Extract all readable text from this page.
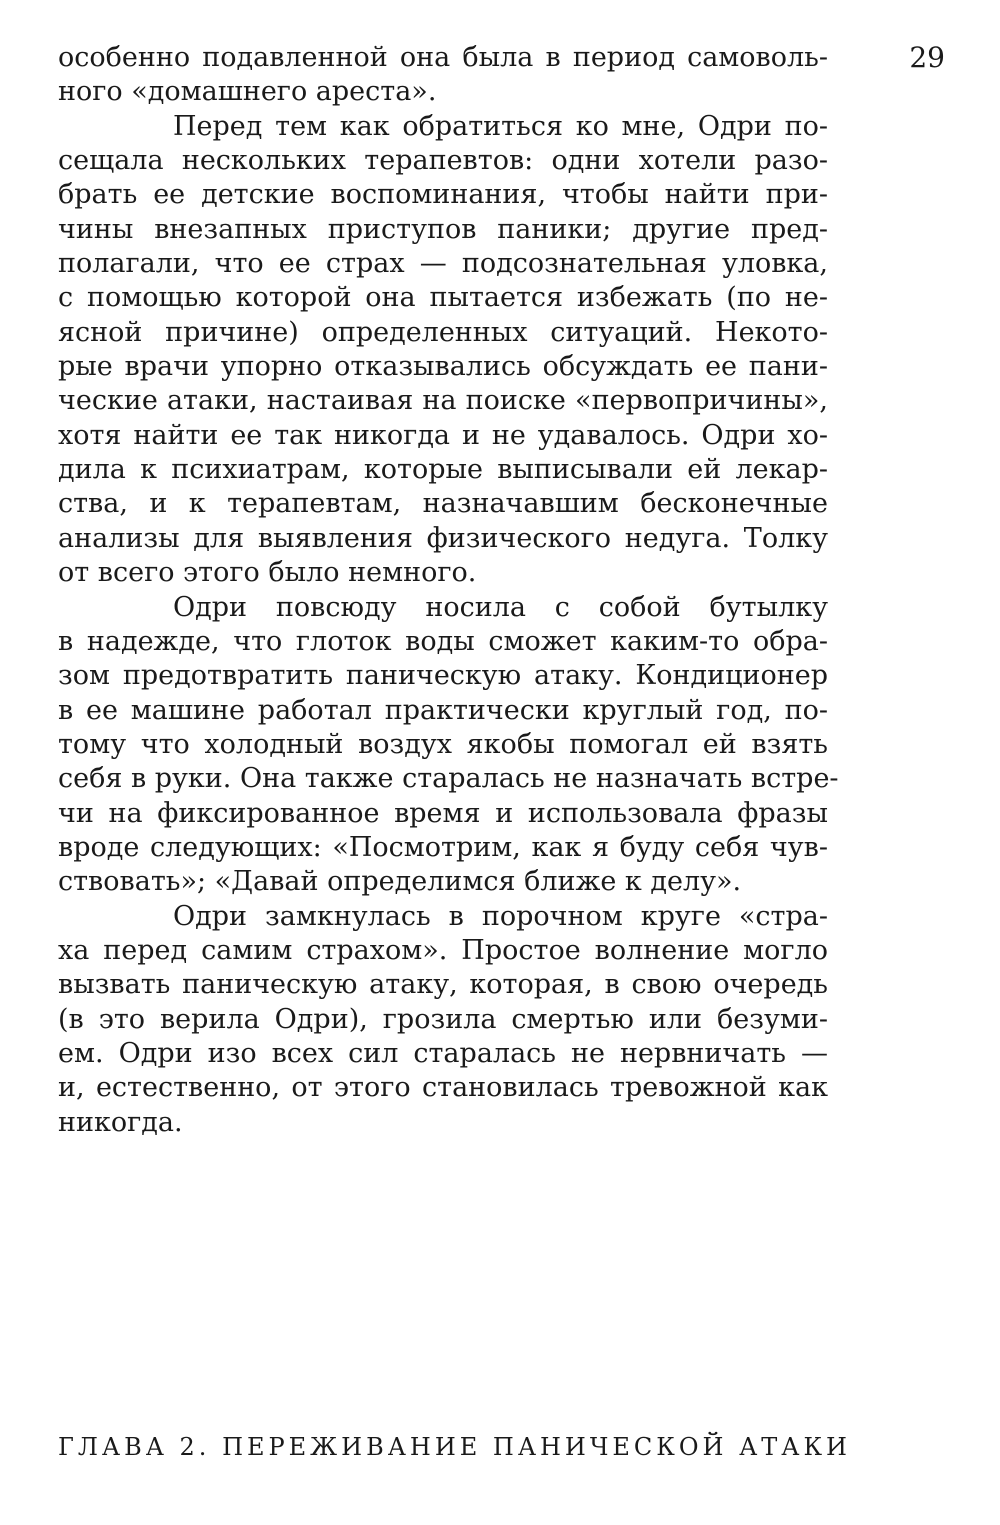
29
особенно подавленной она была в период самоволь-
ного «домашнего ареста».
Перед тем как обратиться ко мне, Одри по-
сещала нескольких терапевтов: одни хотели разо-
брать ее детские воспоминания, чтобы найти при-
чины внезапных приступов паники; другие пред-
полагали, что ее страх — подсознательная уловка,
с помощью которой она пытается избежать (по не-
ясной причине) определенных ситуаций. Некото-
рые врачи упорно отказывались обсуждать ее пани-
ческие атаки, настаивая на поиске «первопричины»,
хотя найти ее так никогда и не удавалось. Одри хо-
дила к психиатрам, которые выписывали ей лекар-
ства, и к терапевтам, назначавшим бесконечные
анализы для выявления физического недуга. Толку
от всего этого было немного.
Одри повсюду носила с собой бутылку
в надежде, что глоток воды сможет каким-то обра-
зом предотвратить паническую атаку. Кондиционер
в ее машине работал практически круглый год, по-
тому что холодный воздух якобы помогал ей взять
себя в руки. Она также старалась не назначать встре-
чи на фиксированное время и использовала фразы
вроде следующих: «Посмотрим, как я буду себя чув-
ствовать»; «Давай определимся ближе к делу».
Одри замкнулась в порочном круге «стра-
ха перед самим страхом». Простое волнение могло
вызвать паническую атаку, которая, в свою очередь
(в это верила Одри), грозила смертью или безуми-
ем. Одри изо всех сил старалась не нервничать —
и, естественно, от этого становилась тревожной как
никогда.
ГЛАВА 2. ПЕРЕЖИВАНИЕ ПАНИЧЕСКОЙ АТАКИ
